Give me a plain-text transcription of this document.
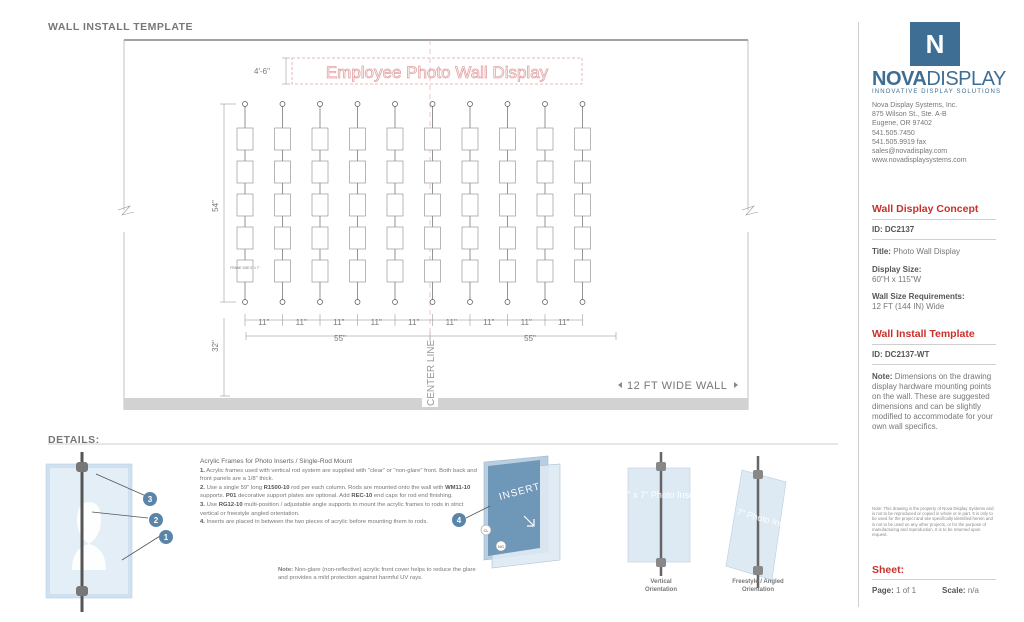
WALL INSTALL TEMPLATE
CENTER LINE
Employee Photo Wall Display
4'-6"
FRAME SIZE 5" x 7"
54"
32"
11"	11"	11"	11"	11"	11"	11"	11"	11"
55"	55"
12 FT WIDE WALL
3
2
1
INSERT
4
CL
NG
5" x 7" Photo Insert
5" x 7" Photo Insert
DETAILS:
Acrylic Frames for Photo Inserts / Single-Rod Mount
1. Acrylic frames used with vertical rod system are supplied with "clear" or "non-glare" front. Both back and front panels are a 1/8" thick.
2. Use a single 59" long R1500-10 rod per each column. Rods are mounted onto the wall with WM11-10 supports. P01 decorative support plates are optional. Add REC-10 end caps for rod end finishing.
3. Use RG12-10 multi-position / adjustable angle supports to mount the acrylic frames to rods in strict vertical or freestyle angled orientation.
4. Inserts are placed in between the two pieces of acrylic before mounting them to rods.
Note: Non-glare (non-reflective) acrylic front cover helps to reduce the glare and provides a mild protection against harmful UV rays.
Vertical Orientation
Freestyle / Angled Orientation
N
NOVADISPLAY
INNOVATIVE DISPLAY SOLUTIONS
Nova Display Systems, Inc.
875 Wilson St., Ste. A-B
Eugene, OR 97402
541.505.7450
541.505.9919 fax
sales@novadisplay.com
www.novadisplaysystems.com
Wall Display Concept
ID: DC2137
Title: Photo Wall Display
Display Size:
60"H x 115"W
Wall Size Requirements:
12 FT (144 IN) Wide
Wall Install Template
ID: DC2137-WT
Note: Dimensions on the drawing display hardware mounting points on the wall. These are suggested dimensions and can be slightly modified to accommodate for your own wall specifics.
Note: This drawing is the property of Nova Display Systems and is not to be reproduced or copied in whole or in part. It is only to be used for the project and site specifically identified herein and is not to be used on any other projects, or for the purpose of manufacturing and reproduction. It is to be returned upon request.
Sheet:
Page: 1 of 1	Scale: n/a
